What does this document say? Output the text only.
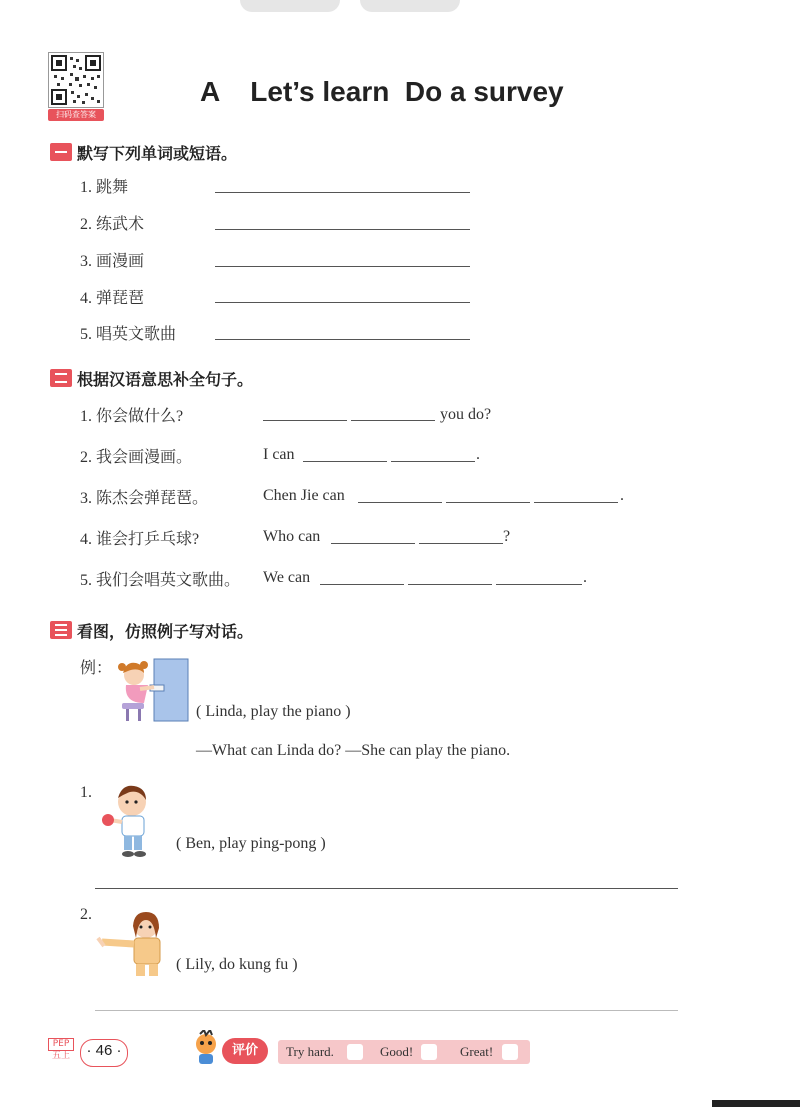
扫码查答案
A    Let’s learn  Do a survey
默写下列单词或短语。
1. 跳舞
2. 练武术
3. 画漫画
4. 弹琵琶
5. 唱英文歌曲
根据汉语意思补全句子。
1. 你会做什么?	you do?
2. 我会画漫画。	I can	.
3. 陈杰会弹琵琶。	Chen Jie can	.
4. 谁会打乒乓球?	Who can	?
5. 我们会唱英文歌曲。 We can	.
看图，仿照例子写对话。
例：
( Linda, play the piano )
—What can Linda do? —She can play the piano.
1.
( Ben, play ping-pong )
2.
( Lily, do kung fu )
PEP
五上	· 46 ·	评价	Try hard.	Good!	Great!
